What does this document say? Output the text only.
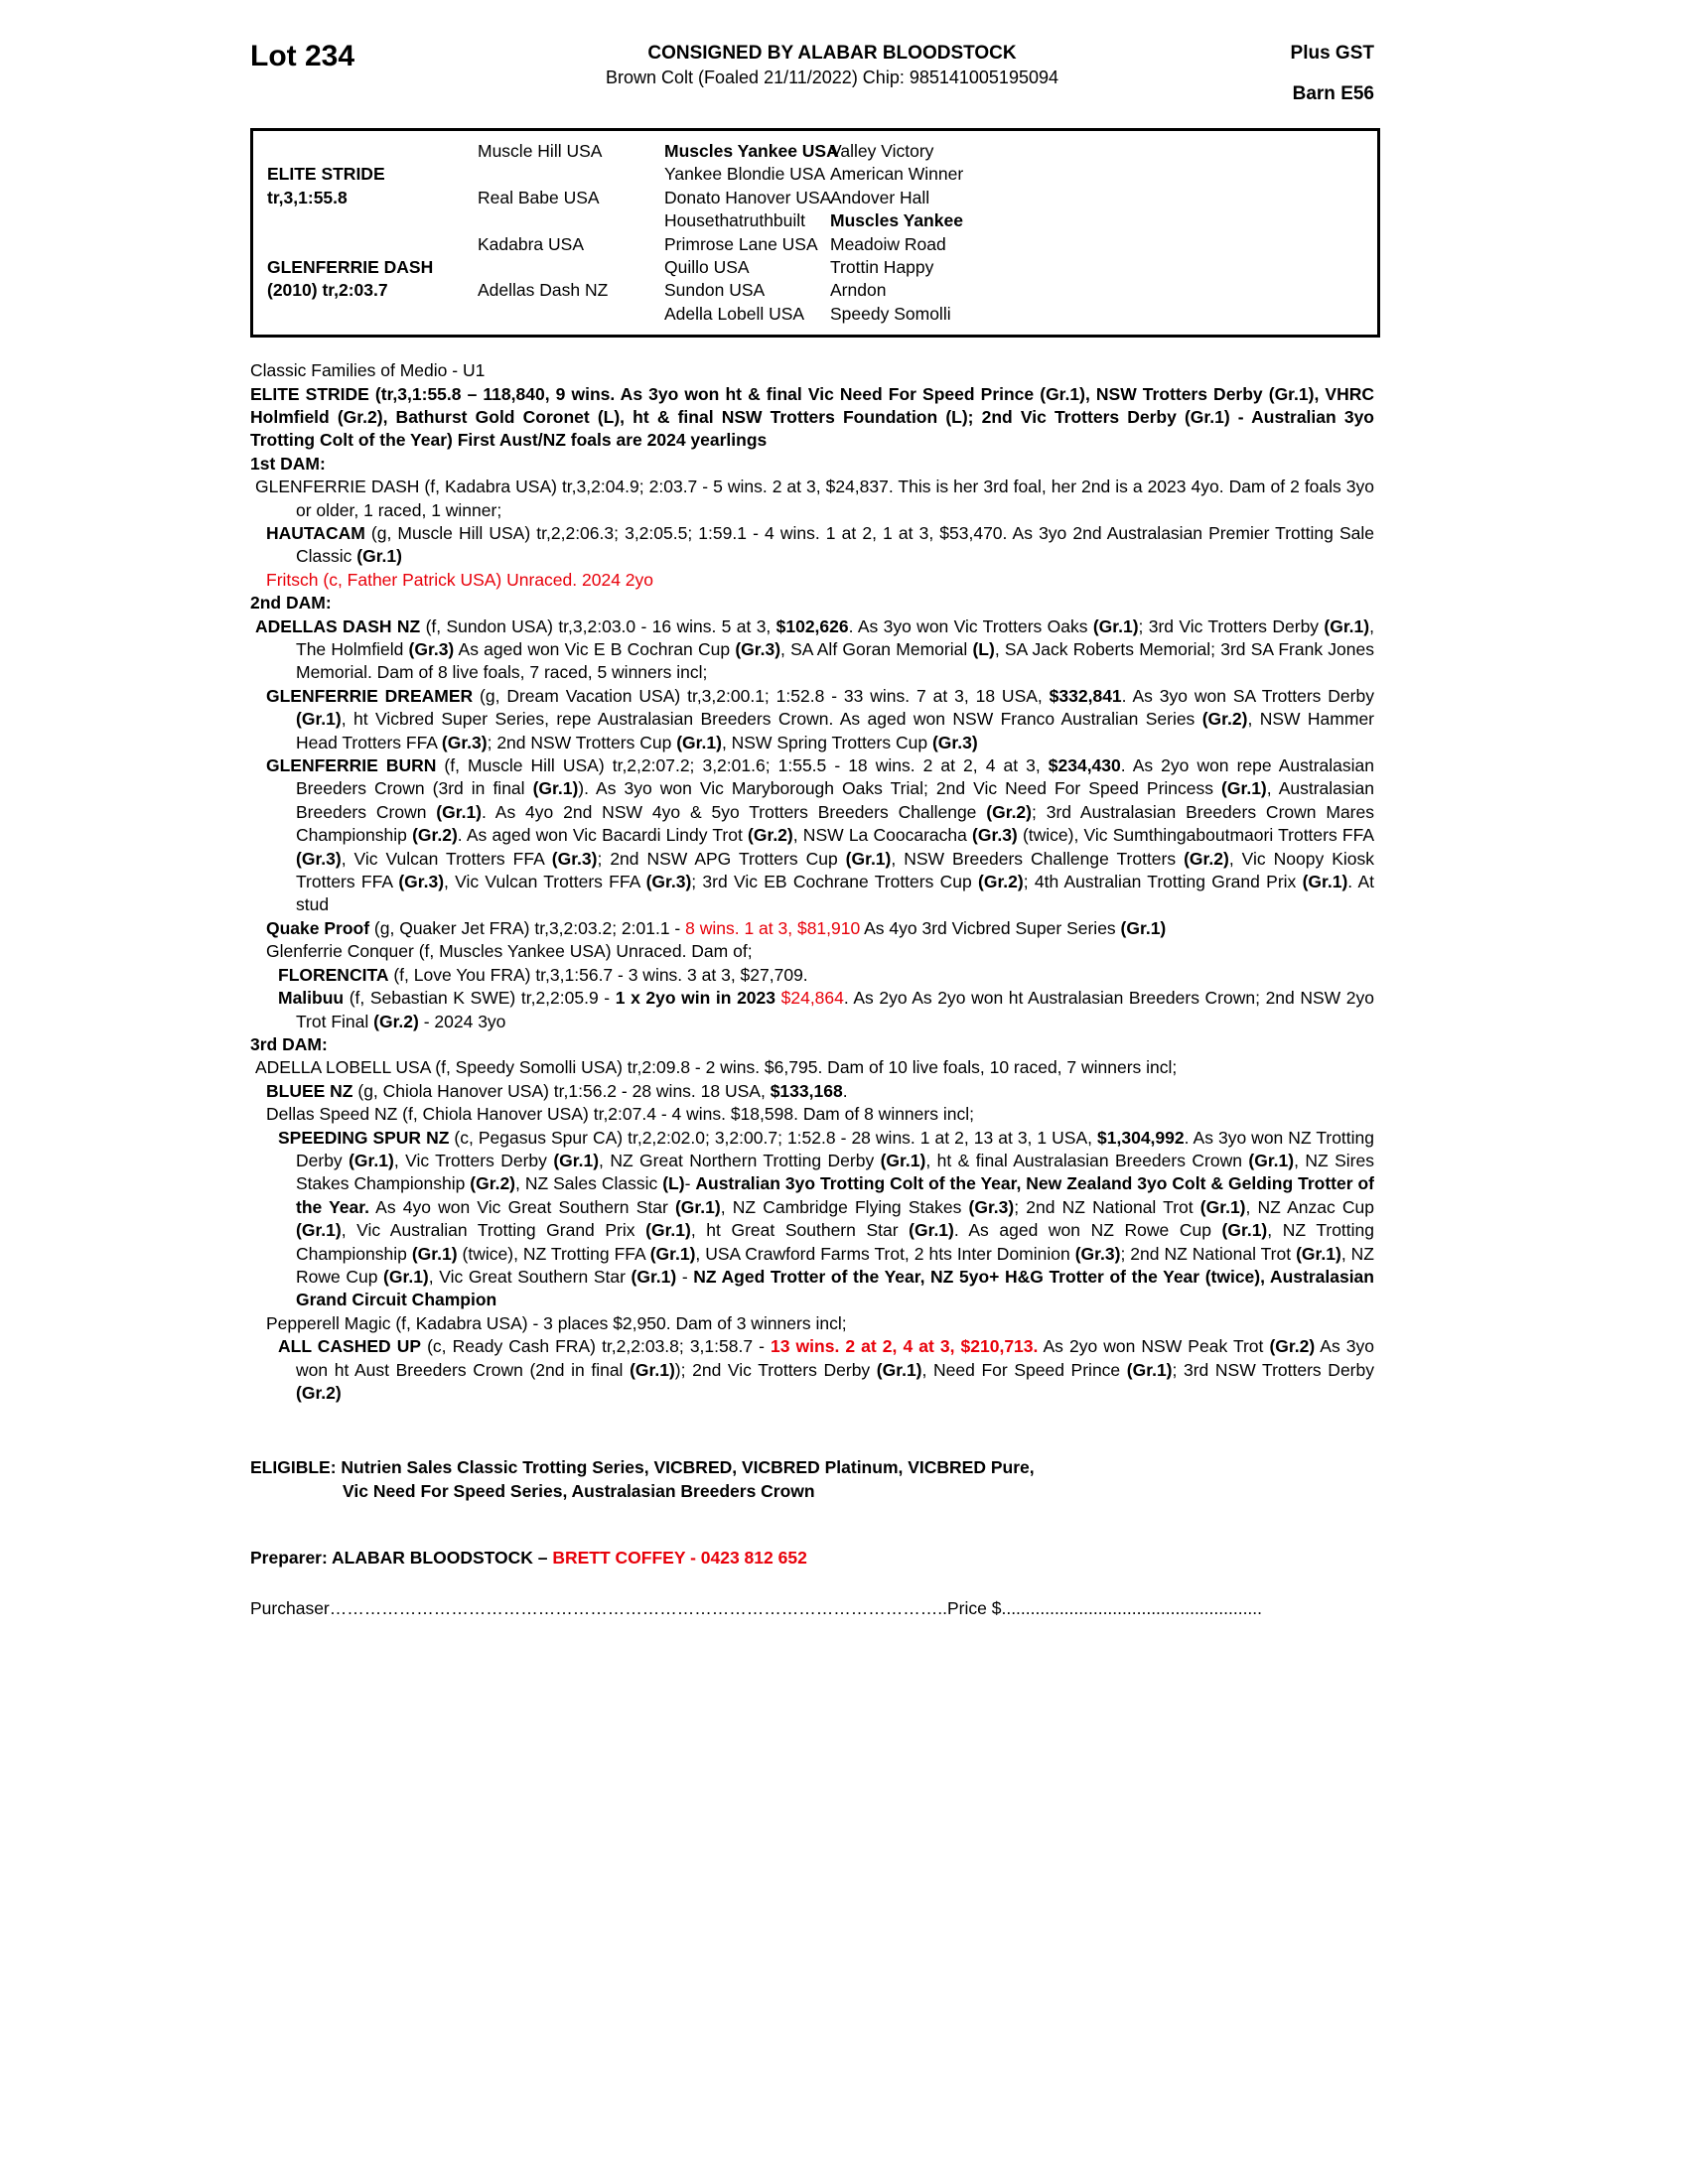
Lot 234	CONSIGNED BY ALABAR BLOODSTOCK
Brown Colt (Foaled 21/11/2022) Chip: 985141005195094
Plus GST
Barn E56
ELITE STRIDE
tr,3,1:55.8
GLENFERRIE DASH
(2010) tr,2:03.7
Muscle Hill USA
Real Babe USA
Kadabra USA
Adellas Dash NZ
Muscles Yankee USA
Yankee Blondie USA
Donato Hanover USA
Housethatruthbuilt
Primrose Lane USA
Quillo USA
Sundon USA
Adella Lobell USA
Valley Victory
American Winner
Andover Hall
Muscles Yankee
Meadoiw Road
Trottin Happy
Arndon
Speedy Somolli
Classic Families of Medio - U1

ELITE STRIDE (tr,3,1:55.8 – 118,840, 9 wins. As 3yo won ht & final Vic Need For Speed Prince (Gr.1), NSW Trotters Derby (Gr.1), VHRC Holmfield (Gr.2), Bathurst Gold Coronet (L), ht & final NSW Trotters Foundation (L); 2nd Vic Trotters Derby (Gr.1) - Australian 3yo Trotting Colt of the Year) First Aust/NZ foals are 2024 yearlings

1st DAM:

GLENFERRIE DASH (f, Kadabra USA) tr,3,2:04.9; 2:03.7 - 5 wins. 2 at 3, $24,837. This is her 3rd foal, her 2nd is a 2023 4yo. Dam of 2 foals 3yo or older, 1 raced, 1 winner;

HAUTACAM (g, Muscle Hill USA) tr,2,2:06.3; 3,2:05.5; 1:59.1 - 4 wins. 1 at 2, 1 at 3, $53,470. As 3yo 2nd Australasian Premier Trotting Sale Classic (Gr.1)

Fritsch (c, Father Patrick USA) Unraced. 2024 2yo

2nd DAM:

ADELLAS DASH NZ (f, Sundon USA) tr,3,2:03.0 - 16 wins. 5 at 3, $102,626. As 3yo won Vic Trotters Oaks (Gr.1); 3rd Vic Trotters Derby (Gr.1), The Holmfield (Gr.3) As aged won Vic E B Cochran Cup (Gr.3), SA Alf Goran Memorial (L), SA Jack Roberts Memorial; 3rd SA Frank Jones Memorial. Dam of 8 live foals, 7 raced, 5 winners incl;

GLENFERRIE DREAMER (g, Dream Vacation USA) tr,3,2:00.1; 1:52.8 - 33 wins. 7 at 3, 18 USA, $332,841. As 3yo won SA Trotters Derby (Gr.1), ht Vicbred Super Series, repe Australasian Breeders Crown. As aged won NSW Franco Australian Series (Gr.2), NSW Hammer Head Trotters FFA (Gr.3); 2nd NSW Trotters Cup (Gr.1), NSW Spring Trotters Cup (Gr.3)

GLENFERRIE BURN (f, Muscle Hill USA) tr,2,2:07.2; 3,2:01.6; 1:55.5 - 18 wins. 2 at 2, 4 at 3, $234,430. As 2yo won repe Australasian Breeders Crown (3rd in final (Gr.1)). As 3yo won Vic Maryborough Oaks Trial; 2nd Vic Need For Speed Princess (Gr.1), Australasian Breeders Crown (Gr.1). As 4yo 2nd NSW 4yo & 5yo Trotters Breeders Challenge (Gr.2); 3rd Australasian Breeders Crown Mares Championship (Gr.2). As aged won Vic Bacardi Lindy Trot (Gr.2), NSW La Coocaracha (Gr.3) (twice), Vic Sumthingaboutmaori Trotters FFA (Gr.3), Vic Vulcan Trotters FFA (Gr.3); 2nd NSW APG Trotters Cup (Gr.1), NSW Breeders Challenge Trotters (Gr.2), Vic Noopy Kiosk Trotters FFA (Gr.3), Vic Vulcan Trotters FFA (Gr.3); 3rd Vic EB Cochrane Trotters Cup (Gr.2); 4th Australian Trotting Grand Prix (Gr.1). At stud

Quake Proof (g, Quaker Jet FRA) tr,3,2:03.2; 2:01.1 - 8 wins. 1 at 3, $81,910 As 4yo 3rd Vicbred Super Series (Gr.1)

Glenferrie Conquer (f, Muscles Yankee USA) Unraced. Dam of;

FLORENCITA (f, Love You FRA) tr,3,1:56.7 - 3 wins. 3 at 3, $27,709.

Malibuu (f, Sebastian K SWE) tr,2,2:05.9 - 1 x 2yo win in 2023 $24,864. As 2yo As 2yo won ht Australasian Breeders Crown; 2nd NSW 2yo Trot Final (Gr.2) - 2024 3yo

3rd DAM:

ADELLA LOBELL USA (f, Speedy Somolli USA) tr,2:09.8 - 2 wins. $6,795. Dam of 10 live foals, 10 raced, 7 winners incl;

BLUEE NZ (g, Chiola Hanover USA) tr,1:56.2 - 28 wins. 18 USA, $133,168.

Dellas Speed NZ (f, Chiola Hanover USA) tr,2:07.4 - 4 wins. $18,598. Dam of 8 winners incl;

SPEEDING SPUR NZ (c, Pegasus Spur CA) tr,2,2:02.0; 3,2:00.7; 1:52.8 - 28 wins. 1 at 2, 13 at 3, 1 USA, $1,304,992. As 3yo won NZ Trotting Derby (Gr.1), Vic Trotters Derby (Gr.1), NZ Great Northern Trotting Derby (Gr.1), ht & final Australasian Breeders Crown (Gr.1), NZ Sires Stakes Championship (Gr.2), NZ Sales Classic (L)- Australian 3yo Trotting Colt of the Year, New Zealand 3yo Colt & Gelding Trotter of the Year. As 4yo won Vic Great Southern Star (Gr.1), NZ Cambridge Flying Stakes (Gr.3); 2nd NZ National Trot (Gr.1), NZ Anzac Cup (Gr.1), Vic Australian Trotting Grand Prix (Gr.1), ht Great Southern Star (Gr.1). As aged won NZ Rowe Cup (Gr.1), NZ Trotting Championship (Gr.1) (twice), NZ Trotting FFA (Gr.1), USA Crawford Farms Trot, 2 hts Inter Dominion (Gr.3); 2nd NZ National Trot (Gr.1), NZ Rowe Cup (Gr.1), Vic Great Southern Star (Gr.1) - NZ Aged Trotter of the Year, NZ 5yo+ H&G Trotter of the Year (twice), Australasian Grand Circuit Champion

Pepperell Magic (f, Kadabra USA) - 3 places $2,950. Dam of 3 winners incl;

ALL CASHED UP (c, Ready Cash FRA) tr,2,2:03.8; 3,1:58.7 - 13 wins. 2 at 2, 4 at 3, $210,713. As 2yo won NSW Peak Trot (Gr.2) As 3yo won ht Aust Breeders Crown (2nd in final (Gr.1)); 2nd Vic Trotters Derby (Gr.1), Need For Speed Prince (Gr.1); 3rd NSW Trotters Derby (Gr.2)

ELIGIBLE: Nutrien Sales Classic Trotting Series, VICBRED, VICBRED Platinum, VICBRED Pure, Vic Need For Speed Series, Australasian Breeders Crown

Preparer: ALABAR BLOODSTOCK – BRETT COFFEY - 0423 812 652

Purchaser……………………………………………………………………………………………..Price $......................................................
